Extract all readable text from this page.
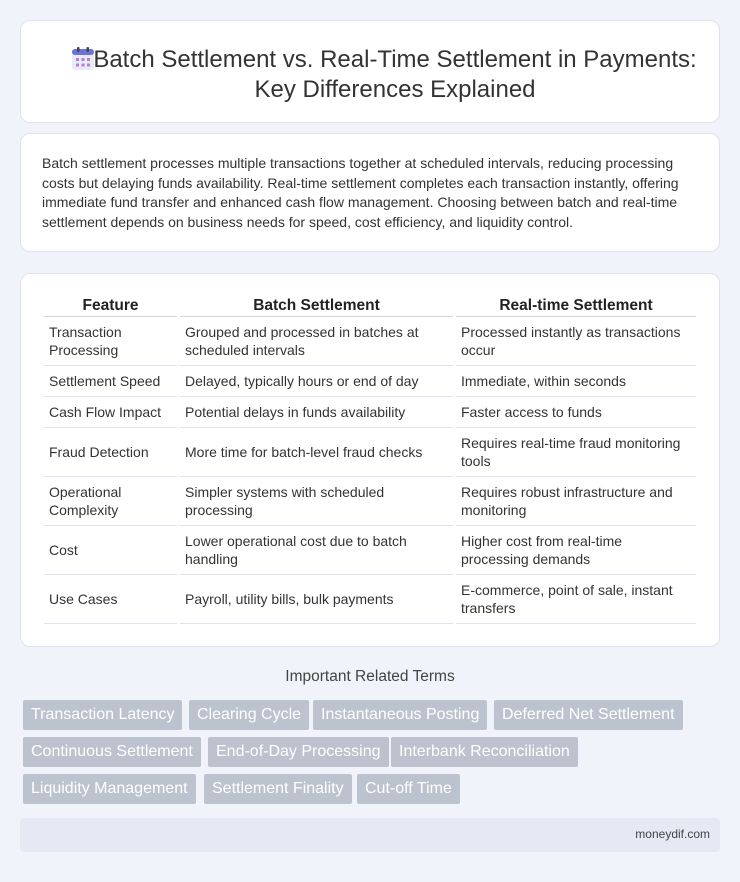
Batch Settlement vs. Real-Time Settlement in Payments: Key Differences Explained

Batch settlement processes multiple transactions together at scheduled intervals, reducing processing costs but delaying funds availability. Real-time settlement completes each transaction instantly, offering immediate fund transfer and enhanced cash flow management. Choosing between batch and real-time settlement depends on business needs for speed, cost efficiency, and liquidity control.

Feature	Batch Settlement	Real-time Settlement
Transaction Processing	Grouped and processed in batches at scheduled intervals	Processed instantly as transactions occur
Settlement Speed	Delayed, typically hours or end of day	Immediate, within seconds
Cash Flow Impact	Potential delays in funds availability	Faster access to funds
Fraud Detection	More time for batch-level fraud checks	Requires real-time fraud monitoring tools
Operational Complexity	Simpler systems with scheduled processing	Requires robust infrastructure and monitoring
Cost	Lower operational cost due to batch handling	Higher cost from real-time processing demands
Use Cases	Payroll, utility bills, bulk payments	E-commerce, point of sale, instant transfers
Important Related Terms
Transaction Latency	Clearing Cycle	Instantaneous Posting	Deferred Net Settlement
Continuous Settlement	End-of-Day Processing	Interbank Reconciliation
Liquidity Management	Settlement Finality	Cut-off Time
moneydif.com
